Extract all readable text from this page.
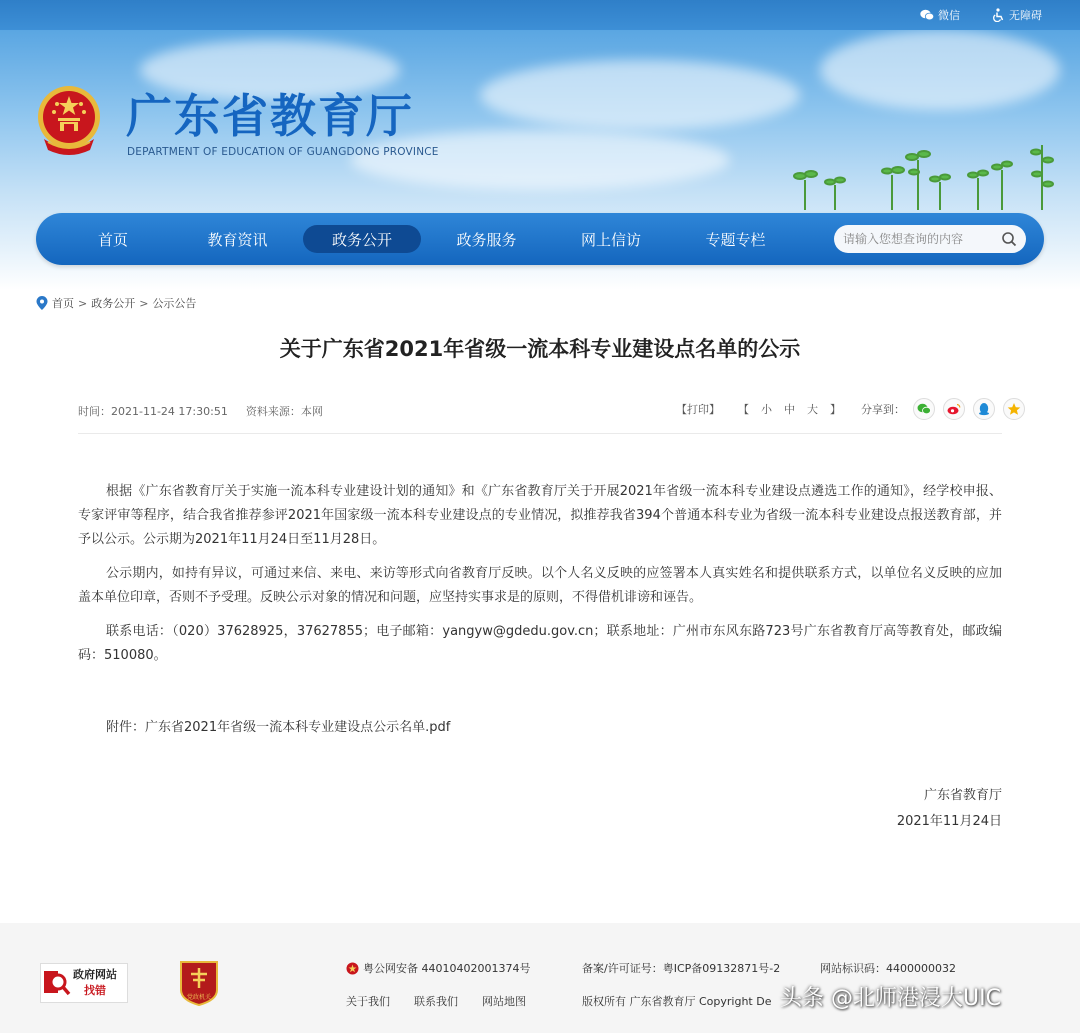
微信	无障碍
广东省教育厅
DEPARTMENT OF EDUCATION OF GUANGDONG PROVINCE
首页	教育资讯	政务公开	政务服务	网上信访	专题专栏
请输入您想查询的内容
首页 > 政务公开 > 公示公告
关于广东省2021年省级一流本科专业建设点名单的公示
时间：2021-11-24 17:30:51 资料来源：本网	【打印】 【 小 中 大 】 分享到：

根据《广东省教育厅关于实施一流本科专业建设计划的通知》和《广东省教育厅关于开展2021年省级一流本科专业建设点遴选工作的通知》，经学校申报、专家评审等程序，结合我省推荐参评2021年国家级一流本科专业建设点的专业情况，拟推荐我省394个普通本科专业为省级一流本科专业建设点报送教育部，并予以公示。公示期为2021年11月24日至11月28日。

公示期内，如持有异议，可通过来信、来电、来访等形式向省教育厅反映。以个人名义反映的应签署本人真实姓名和提供联系方式，以单位名义反映的应加盖本单位印章，否则不予受理。反映公示对象的情况和问题，应坚持实事求是的原则，不得借机诽谤和诬告。

联系电话：（020）37628925，37627855；电子邮箱：yangyw@gdedu.gov.cn；联系地址：广州市东风东路723号广东省教育厅高等教育处，邮政编码：510080。

附件：广东省2021年省级一流本科专业建设点公示名单.pdf
广东省教育厅
2021年11月24日
政府网站
找错
党政机关
粤公网安备 44010402001374号	备案/许可证号：粤ICP备09132871号-2	网站标识码：4400000032
关于我们 联系我们 网站地图	版权所有 广东省教育厅 Copyright De 头条 @北师港浸大UIC
